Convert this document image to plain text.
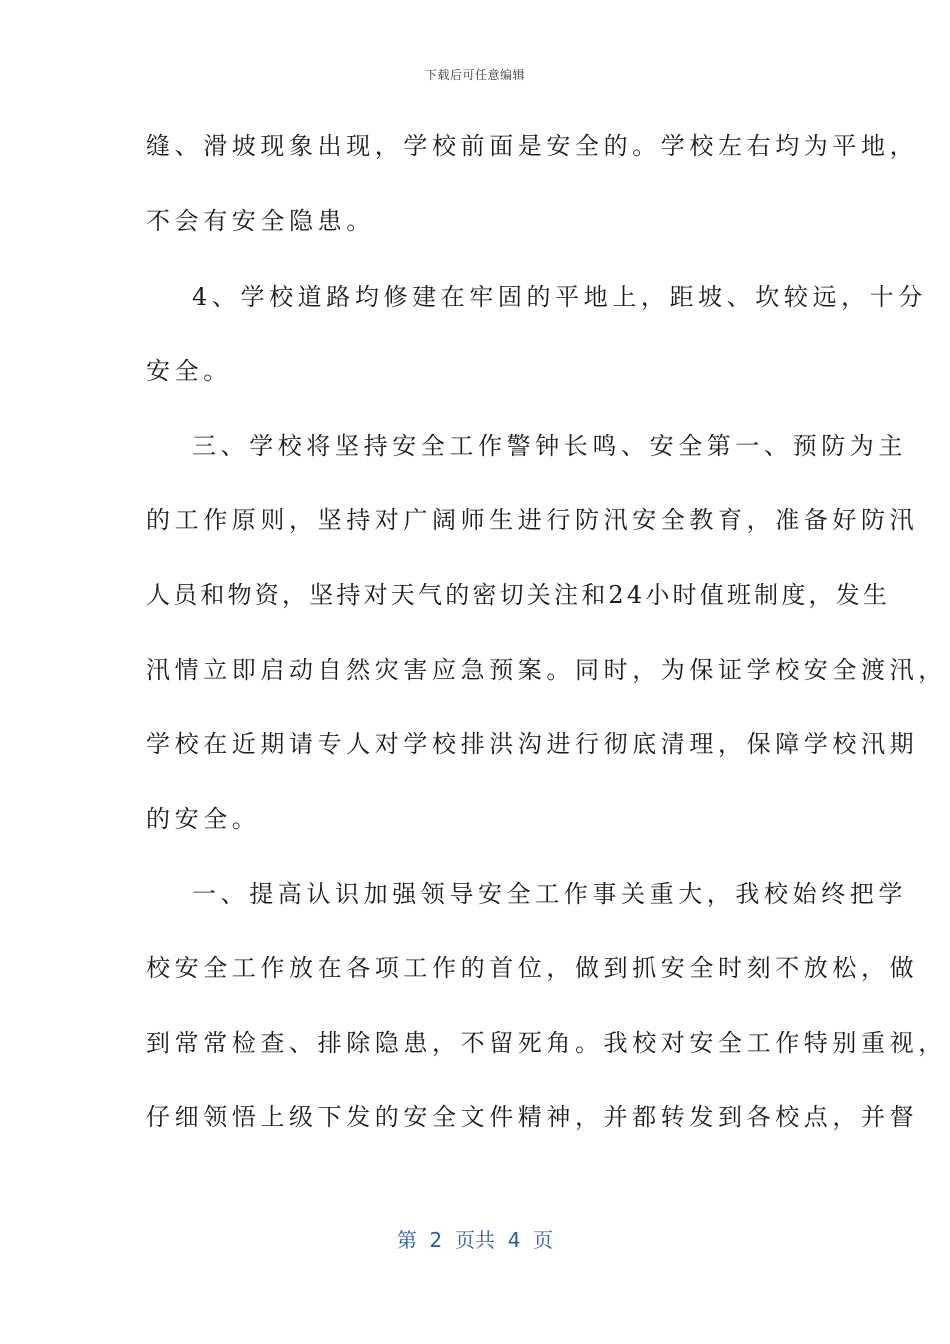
下载后可任意编辑
缝、滑坡现象出现，学校前面是安全的。学校左右均为平地，
不会有安全隐患。
4、学校道路均修建在牢固的平地上，距坡、坎较远，十分
安全。
三、学校将坚持安全工作警钟长鸣、安全第一、预防为主
的工作原则，坚持对广阔师生进行防汛安全教育，准备好防汛
人员和物资，坚持对天气的密切关注和24小时值班制度，发生
汛情立即启动自然灾害应急预案。同时，为保证学校安全渡汛，
学校在近期请专人对学校排洪沟进行彻底清理，保障学校汛期
的安全。
一、提高认识加强领导安全工作事关重大，我校始终把学
校安全工作放在各项工作的首位，做到抓安全时刻不放松，做
到常常检查、排除隐患，不留死角。我校对安全工作特别重视，
仔细领悟上级下发的安全文件精神，并都转发到各校点，并督
第  2  页共  4  页
